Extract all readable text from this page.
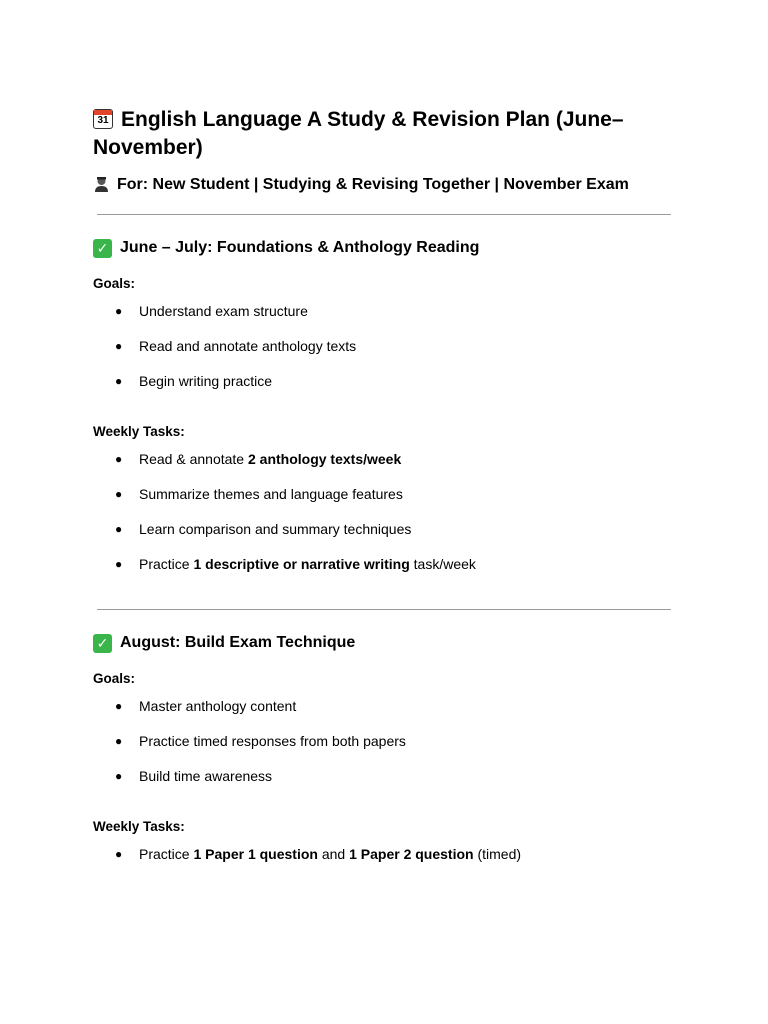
31 English Language A Study & Revision Plan (June–November)
For: New Student | Studying & Revising Together | November Exam
✓ June – July: Foundations & Anthology Reading
Goals:
● Understand exam structure
● Read and annotate anthology texts
● Begin writing practice
Weekly Tasks:
● Read & annotate 2 anthology texts/week
● Summarize themes and language features
● Learn comparison and summary techniques
● Practice 1 descriptive or narrative writing task/week
✓ August: Build Exam Technique
Goals:
● Master anthology content
● Practice timed responses from both papers
● Build time awareness
Weekly Tasks:
● Practice 1 Paper 1 question and 1 Paper 2 question (timed)
